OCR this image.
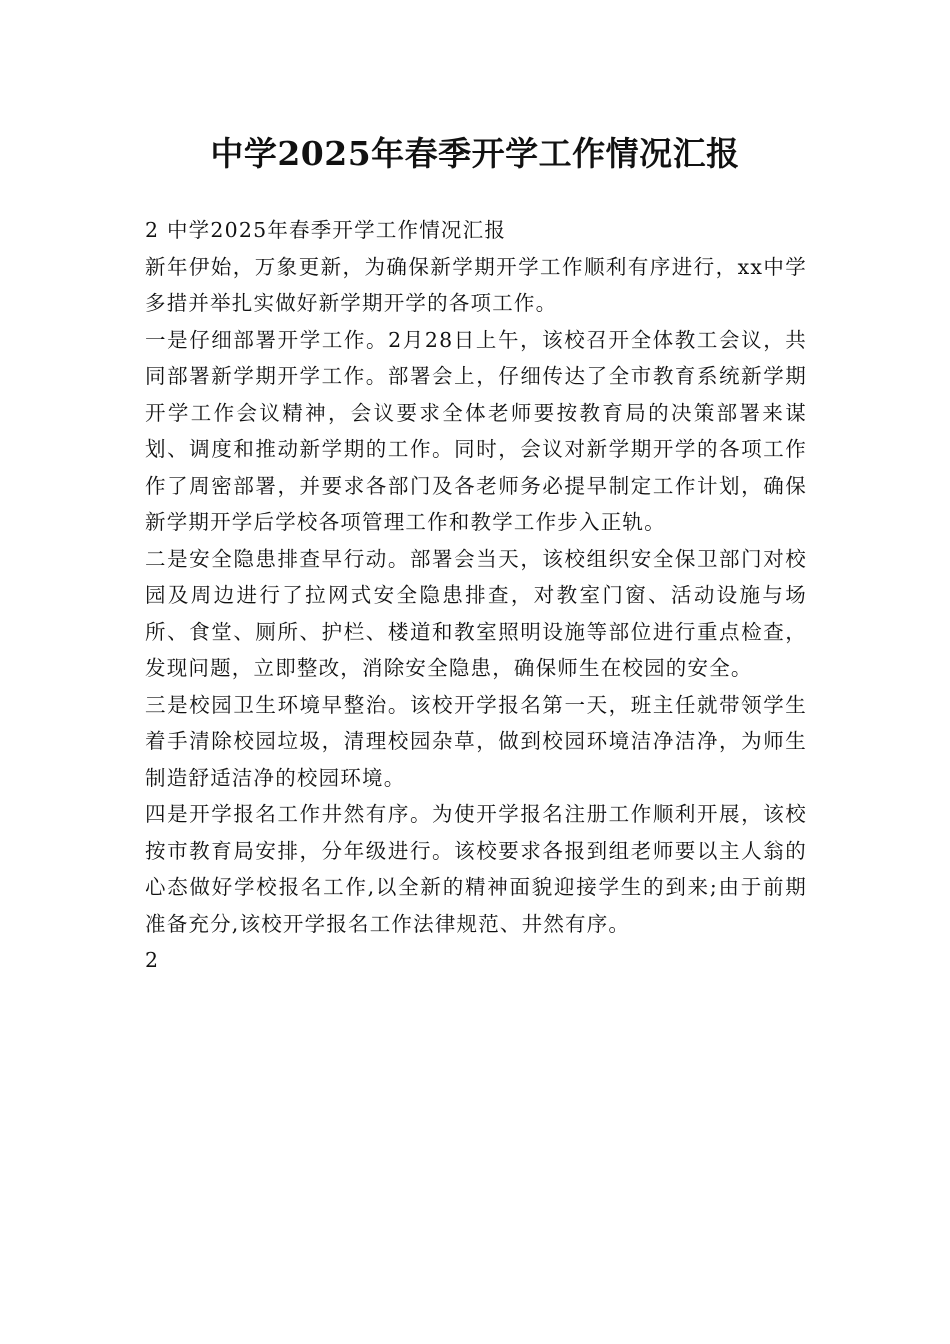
中学2025年春季开学工作情况汇报

2 中学2025年春季开学工作情况汇报

新年伊始，万象更新，为确保新学期开学工作顺利有序进行，xx中学多措并举扎实做好新学期开学的各项工作。

一是仔细部署开学工作。2月28日上午，该校召开全体教工会议，共同部署新学期开学工作。部署会上，仔细传达了全市教育系统新学期开学工作会议精神，会议要求全体老师要按教育局的决策部署来谋划、调度和推动新学期的工作。同时，会议对新学期开学的各项工作作了周密部署，并要求各部门及各老师务必提早制定工作计划，确保新学期开学后学校各项管理工作和教学工作步入正轨。

二是安全隐患排查早行动。部署会当天，该校组织安全保卫部门对校园及周边进行了拉网式安全隐患排查，对教室门窗、活动设施与场所、食堂、厕所、护栏、楼道和教室照明设施等部位进行重点检查，发现问题，立即整改，消除安全隐患，确保师生在校园的安全。

三是校园卫生环境早整治。该校开学报名第一天，班主任就带领学生着手清除校园垃圾，清理校园杂草，做到校园环境洁净洁净，为师生制造舒适洁净的校园环境。

四是开学报名工作井然有序。为使开学报名注册工作顺利开展，该校按市教育局安排，分年级进行。该校要求各报到组老师要以主人翁的心态做好学校报名工作,以全新的精神面貌迎接学生的到来;由于前期准备充分,该校开学报名工作法律规范、井然有序。

2
